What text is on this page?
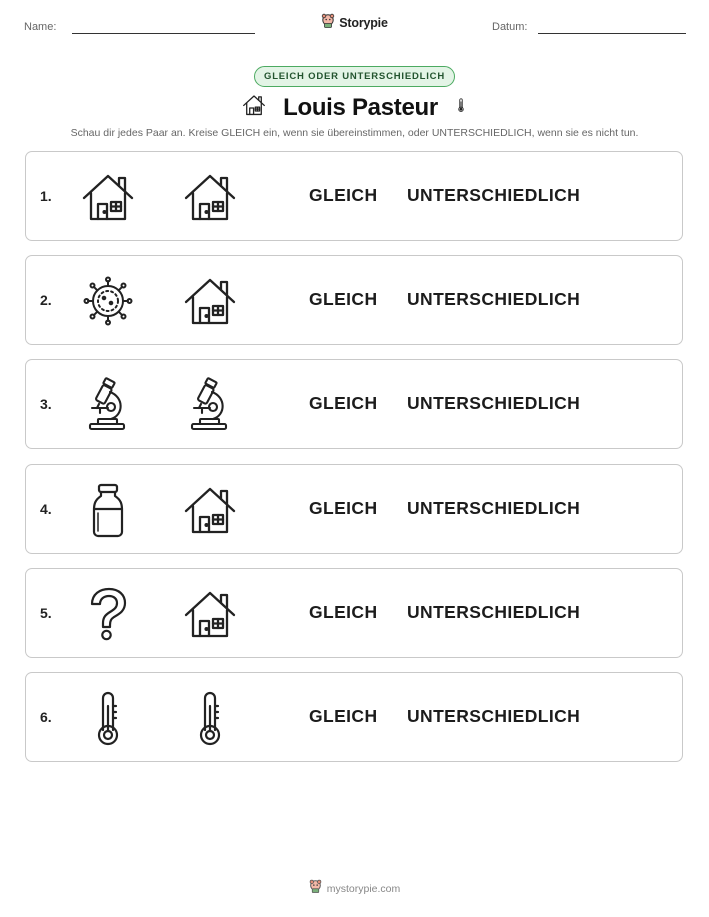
Name:	Storypie	Datum:
GLEICH ODER UNTERSCHIEDLICH
Louis Pasteur
Schau dir jedes Paar an. Kreise GLEICH ein, wenn sie übereinstimmen, oder UNTERSCHIEDLICH, wenn sie es nicht tun.
1.	GLEICH UNTERSCHIEDLICH
2.	GLEICH UNTERSCHIEDLICH
3.	GLEICH UNTERSCHIEDLICH
4.	GLEICH UNTERSCHIEDLICH
5.	GLEICH UNTERSCHIEDLICH
6.	GLEICH UNTERSCHIEDLICH
mystorypie.com
